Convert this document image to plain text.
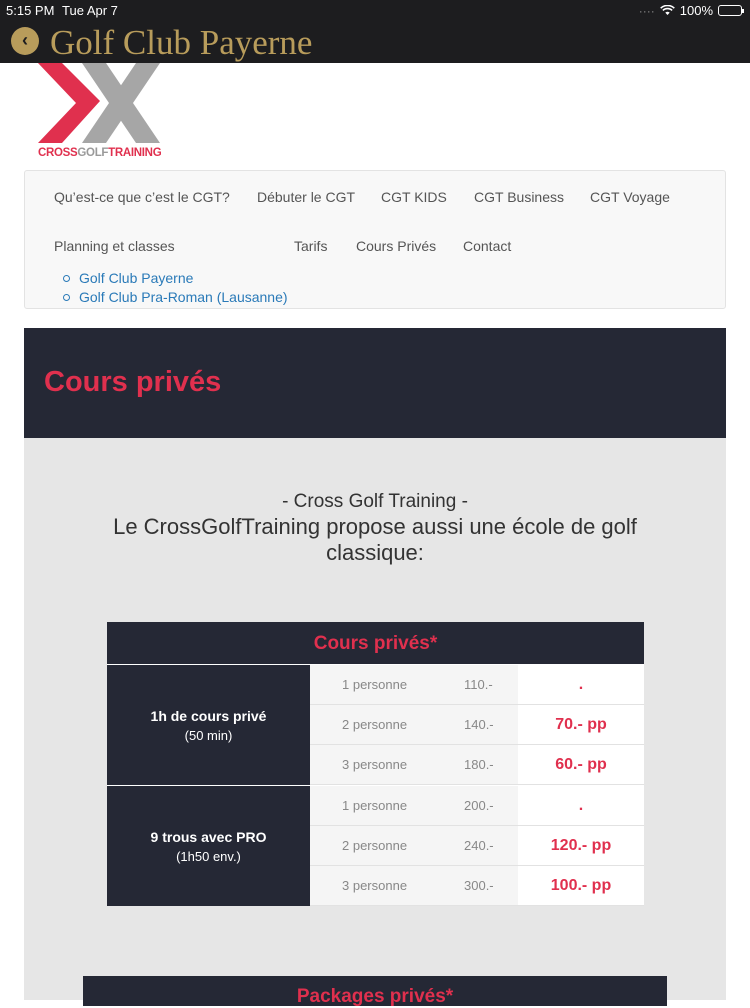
5:15 PM Tue Apr 7	···· 100%
‹ Golf Club Payerne
CROSSGOLFTRAINING
Qu’est-ce que c’est le CGT? Débuter le CGT CGT KIDS CGT Business CGT Voyage
Planning et classes	Tarifs Cours Privés Contact
Golf Club Payerne
Golf Club Pra-Roman (Lausanne)
Cours privés
- Cross Golf Training -
Le CrossGolfTraining propose aussi une école de golf classique:
Cours privés*
1h de cours privé
(50 min)
1 personne	110.-	.
2 personne	140.-	70.- pp
3 personne	180.-	60.- pp
9 trous avec PRO
(1h50 env.)
1 personne	200.-	.
2 personne	240.-	120.- pp
3 personne	300.-	100.- pp
Packages privés*
